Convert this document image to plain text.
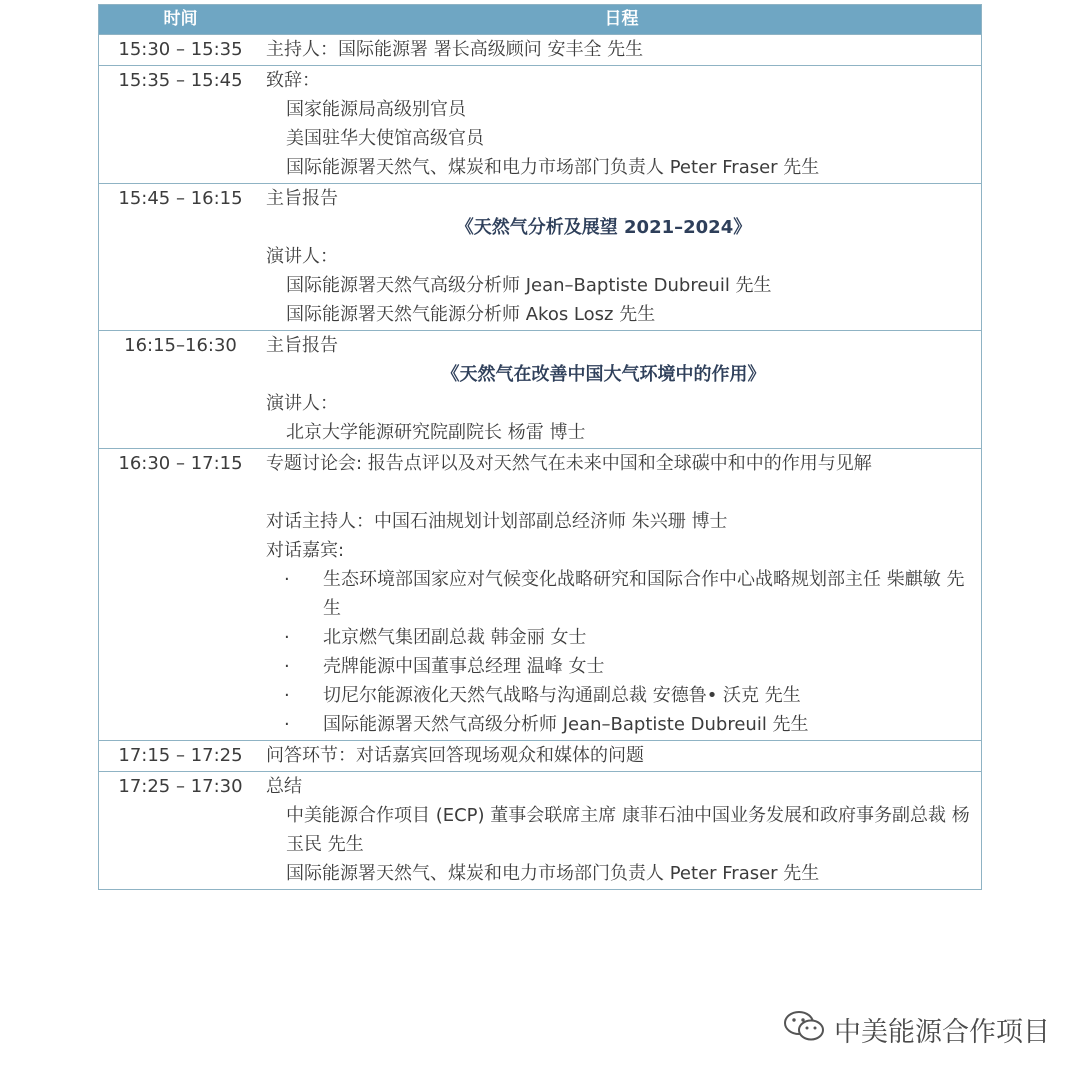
时间	日程
15:30 – 15:35	主持人：国际能源署 署长高级顾问 安丰全 先生
15:35 – 15:45	致辞：
国家能源局高级别官员
美国驻华大使馆高级官员
国际能源署天然气、煤炭和电力市场部门负责人 Peter Fraser 先生
15:45 – 16:15	主旨报告
《天然气分析及展望 2021–2024》
演讲人：
国际能源署天然气高级分析师 Jean–Baptiste Dubreuil 先生
国际能源署天然气能源分析师 Akos Losz 先生
16:15–16:30	主旨报告
《天然气在改善中国大气环境中的作用》
演讲人：
北京大学能源研究院副院长 杨雷 博士
16:30 – 17:15	专题讨论会: 报告点评以及对天然气在未来中国和全球碳中和中的作用与见解
对话主持人：中国石油规划计划部副总经济师 朱兴珊 博士
对话嘉宾:
·	生态环境部国家应对气候变化战略研究和国际合作中心战略规划部主任 柴麒敏 先生
·	北京燃气集团副总裁 韩金丽 女士
·	壳牌能源中国董事总经理 温峰 女士
·	切尼尔能源液化天然气战略与沟通副总裁 安德鲁• 沃克 先生
·	国际能源署天然气高级分析师 Jean–Baptiste Dubreuil 先生
17:15 – 17:25	问答环节：对话嘉宾回答现场观众和媒体的问题
17:25 – 17:30	总结
中美能源合作项目 (ECP) 董事会联席主席 康菲石油中国业务发展和政府事务副总裁 杨玉民 先生
国际能源署天然气、煤炭和电力市场部门负责人 Peter Fraser 先生
中美能源合作项目
